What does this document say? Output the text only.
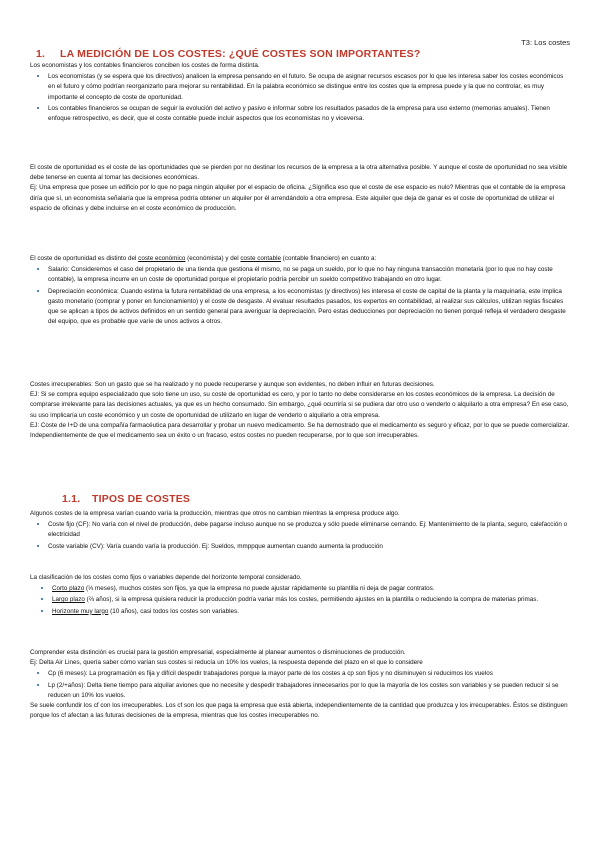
T3: Los costes
1. LA MEDICIÓN DE LOS COSTES: ¿QUÉ COSTES SON IMPORTANTES?

Los economistas y los contables financieros conciben los costes de forma distinta.

• Los economistas (y se espera que los directivos) analicen la empresa pensando en el futuro. Se ocupa de asignar recursos escasos por lo que les interesa saber los costes económicos en el futuro y cómo podrían reorganizarlo para mejorar su rentabilidad. En la palabra económico se distingue entre los costes que la empresa puede y la que no controlar, es muy importante el concepto de coste de oportunidad.
• Los contables financieros se ocupan de seguir la evolución del activo y pasivo e informar sobre los resultados pasados de la empresa para uso externo (memorias anuales). Tienen enfoque retrospectivo, es decir, que el coste contable puede incluir aspectos que los economistas no y viceversa.

El coste de oportunidad es el coste de las oportunidades que se pierden por no destinar los recursos de la empresa a la otra alternativa posible. Y aunque el coste de oportunidad no sea visible debe tenerse en cuenta al tomar las decisiones económicas.

Ej: Una empresa que posee un edificio por lo que no paga ningún alquiler por el espacio de oficina. ¿Significa eso que el coste de ese espacio es nulo? Mientras que el contable de la empresa diría que sí, un economista señalaría que la empresa podría obtener un alquiler por él arrendándolo a otra empresa. Este alquiler que deja de ganar es el coste de oportunidad de utilizar el espacio de oficinas y debe incluirse en el coste económico de producción.

El coste de oportunidad es distinto del coste económico (económista) y del coste contable (contable financiero) en cuanto a:

• Salario: Consideremos el caso del propietario de una tienda que gestiona él mismo, no se paga un sueldo, por lo que no hay ninguna transacción monetaria (por lo que no hay coste contable), la empresa incurre en un coste de oportunidad porque el propietario podría percibir un sueldo competitivo trabajando en otro lugar.
• Depreciación económica: Cuando estima la futura rentabilidad de una empresa, a los economistas (y directivos) les interesa el coste de capital de la planta y la maquinaria, este implica gasto monetario (comprar y poner en funcionamiento) y el coste de desgaste. Al evaluar resultados pasados, los expertos en contabilidad, al realizar sus cálculos, utilizan reglas fiscales que se aplican a tipos de activos definidos en un sentido general para averiguar la depreciación. Pero estas deducciones por depreciación no tienen porqué refleja el verdadero desgaste del equipo, que es probable que varíe de unos activos a otros.

Costes irrecuperables: Son un gasto que se ha realizado y no puede recuperarse y aunque son evidentes, no deben influir en futuras decisiones.

EJ: Si se compra equipo especializado que solo tiene un uso, su coste de oportunidad es cero, y por lo tanto no debe considerarse en los costes económicos de la empresa. La decisión de comprarse irrelevante para las decisiones actuales, ya que es un hecho consumado. Sin embargo, ¿qué ocurriría si se pudiera dar otro uso o venderlo o alquilarlo a otra empresa? En ese caso, su uso implicaría un coste económico y un coste de oportunidad de utilizarlo en lugar de venderlo o alquilarlo a otra empresa.

EJ: Coste de I+D de una compañía farmacéutica para desarrollar y probar un nuevo medicamento. Se ha demostrado que el medicamento es seguro y eficaz, por lo que se puede comercializar. Independientemente de que el medicamento sea un éxito o un fracaso, estos costes no pueden recuperarse, por lo que son irrecuperables.

1.1. TIPOS DE COSTES

Algunos costes de la empresa varían cuando varía la producción, mientras que otros no cambian mientras la empresa produce algo.

• Coste fijo (CF): No varía con el nivel de producción, debe pagarse incluso aunque no se produzca y sólo puede eliminarse cerrando. Ej: Mantenimiento de la planta, seguro, calefacción o electricidad
• Coste variable (CV): Varía cuando varía la producción. Ej: Sueldos, mmppque aumentan cuando aumenta la producción

La clasificación de los costes como fijos o variables depende del horizonte temporal considerado.

• Corto plazo (⅓ meses), muchos costes son fijos, ya que la empresa no puede ajustar rápidamente su plantilla ni deja de pagar contratos.
• Largo plazo (⅔ años), si la empresa quisiera reducir la producción podría variar más los costes, permitiendo ajustes en la plantilla o reduciendo la compra de materias primas.
• Horizonte muy largo (10 años), casi todos los costes son variables.

Comprender esta distinción es crucial para la gestión empresarial, especialmente al planear aumentos o disminuciones de producción.

Ej: Delta Air Lines, quería saber cómo varían sus costes si reducía un 10% los vuelos, la respuesta depende del plazo en el que lo considere

• Cp (6 meses): La programación es fija y difícil despedir trabajadores porque la mayor parte de los costes a cp son fijos y no disminuyen si reducimos los vuelos
• Lp (2/+años): Delta tiene tiempo para alquilar aviones que no necesite y despedir trabajadores innecesarios por lo que la mayoría de los costes son variables y se pueden reducir si se reducen un 10% los vuelos.

Se suele confundir los cf con los irrecuperables. Los cf son los que paga la empresa que está abierta, independientemente de la cantidad que produzca y los irrecuperables. Éstos se distinguen porque los cf afectan a las futuras decisiones de la empresa, mientras que los costes irrecuperables no.
